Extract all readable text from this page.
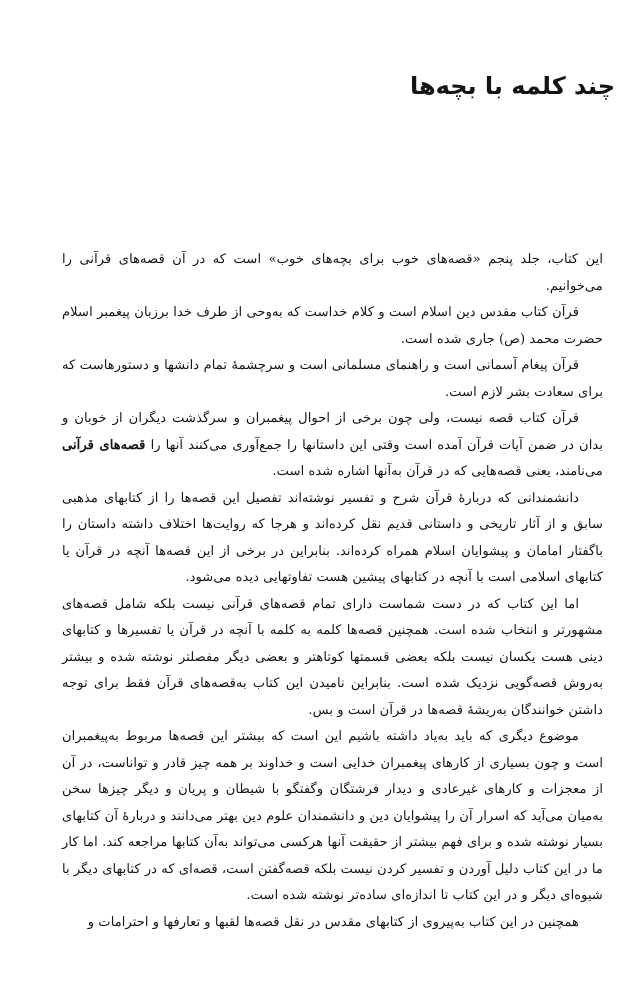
چند کلمه با بچه‌ها

این کتاب، جلد پنجم «قصه‌های خوب برای بچه‌های خوب» است که در آن قصه‌های قرآنی را می‌خوانیم.

قرآن کتاب مقدس دین اسلام است و کلام خداست که به‌وحی از طرف خدا برزبان پیغمبر اسلام حضرت محمد (ص) جاری شده است.

قرآن پیغام آسمانی است و راهنمای مسلمانی است و سرچشمهٔ تمام دانشها و دستورهاست که برای سعادت بشر لازم است.

قرآن کتاب قصه نیست، ولی چون برخی از احوال پیغمبران و سرگذشت دیگران از خوبان و بدان در ضمن آیات قرآن آمده است وقتی این داستانها را جمع‌آوری می‌کنند آنها را قصه‌های قرآنی می‌نامند، یعنی قصه‌هایی که در قرآن به‌آنها اشاره شده است.

دانشمندانی که دربارهٔ قرآن شرح و تفسیر نوشته‌اند تفصیل این قصه‌ها را از کتابهای مذهبی سابق و از آثار تاریخی و داستانی قدیم نقل کرده‌اند و هرجا که روایت‌ها اختلاف داشته داستان را باگفتار امامان و پیشوایان اسلام همراه کرده‌اند. بنابراین در برخی از این قصه‌ها آنچه در قرآن یا کتابهای اسلامی است با آنچه در کتابهای پیشین هست تفاوتهایی دیده می‌شود.

اما این کتاب که در دست شماست دارای تمام قصه‌های قرآنی نیست بلکه شامل قصه‌های مشهورتر و انتخاب شده است. همچنین قصه‌ها کلمه به کلمه با آنچه در قرآن یا تفسیرها و کتابهای دینی هست یکسان نیست بلکه بعضی قسمتها کوتاهتر و بعضی دیگر مفصلتر نوشته شده و بیشتر به‌روش قصه‌گویی نزدیک شده است. بنابراین نامیدن این کتاب به‌قصه‌های قرآن فقط برای توجه داشتن خوانندگان به‌ریشهٔ قصه‌ها در قرآن است و بس.

موضوع دیگری که باید به‌یاد داشته باشیم این است که بیشتر این قصه‌ها مربوط به‌پیغمبران است و چون بسیاری از کارهای پیغمبران خدایی است و خداوند بر همه چیز قادر و تواناست، در آن از معجزات و کارهای غیرعادی و دیدار فرشتگان وگفتگو با شیطان و پریان و دیگر چیزها سخن به‌میان می‌آید که اسرار آن را پیشوایان دین و دانشمندان علوم دین بهتر می‌دانند و دربارهٔ آن کتابهای بسیار نوشته شده و برای فهم بیشتر از حقیقت آنها هرکسی می‌تواند به‌آن کتابها مراجعه کند. اما کار ما در این کتاب دلیل آوردن و تفسیر کردن نیست بلکه قصه‌گفتن است، قصه‌ای که در کتابهای دیگر با شیوه‌ای دیگر و در این کتاب تا اندازه‌ای ساده‌تر نوشته شده است.

همچنین در این کتاب به‌پیروی از کتابهای مقدس در نقل قصه‌ها لقبها و تعارفها و احترامات و
